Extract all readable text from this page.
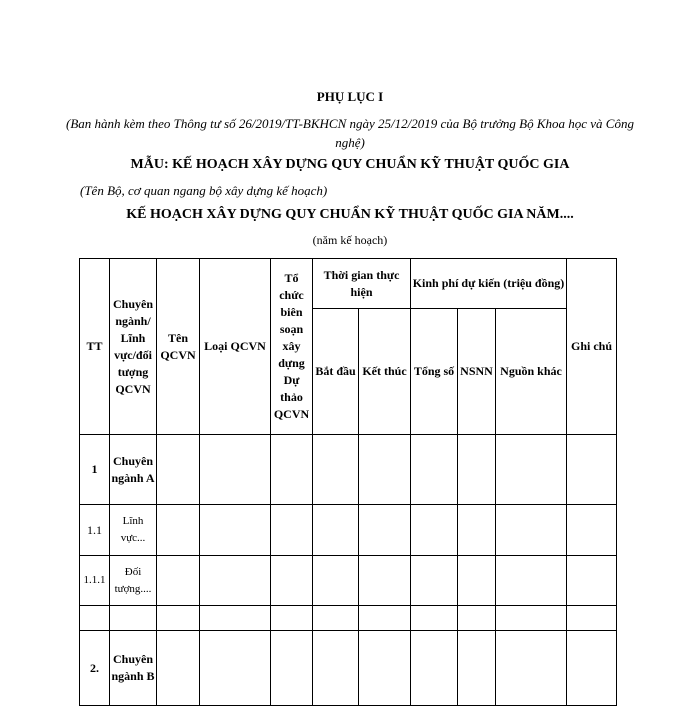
PHỤ LỤC I
(Ban hành kèm theo Thông tư số 26/2019/TT-BKHCN ngày 25/12/2019 của Bộ trưởng Bộ Khoa học và Công nghệ)
MẪU: KẾ HOẠCH XÂY DỰNG QUY CHUẨN KỸ THUẬT QUỐC GIA
(Tên Bộ, cơ quan ngang bộ xây dựng kế hoạch)
KẾ HOẠCH XÂY DỰNG QUY CHUẨN KỸ THUẬT QUỐC GIA NĂM....
(năm kế hoạch)
TT	Chuyên ngành/ Lĩnh vực/đối tượng QCVN	Tên QCVN	Loại QCVN	Tổ chức biên soạn xây dựng Dự thảo QCVN	Thời gian thực hiện		Kinh phí dự kiến (triệu đồng)			Ghi chú
					Bắt đầu	Kết thúc	Tổng số	NSNN	Nguồn khác	
1	Chuyên ngành A									
1.1	Lĩnh vực...									
1.1.1	Đối tượng....									

2.	Chuyên ngành B									
